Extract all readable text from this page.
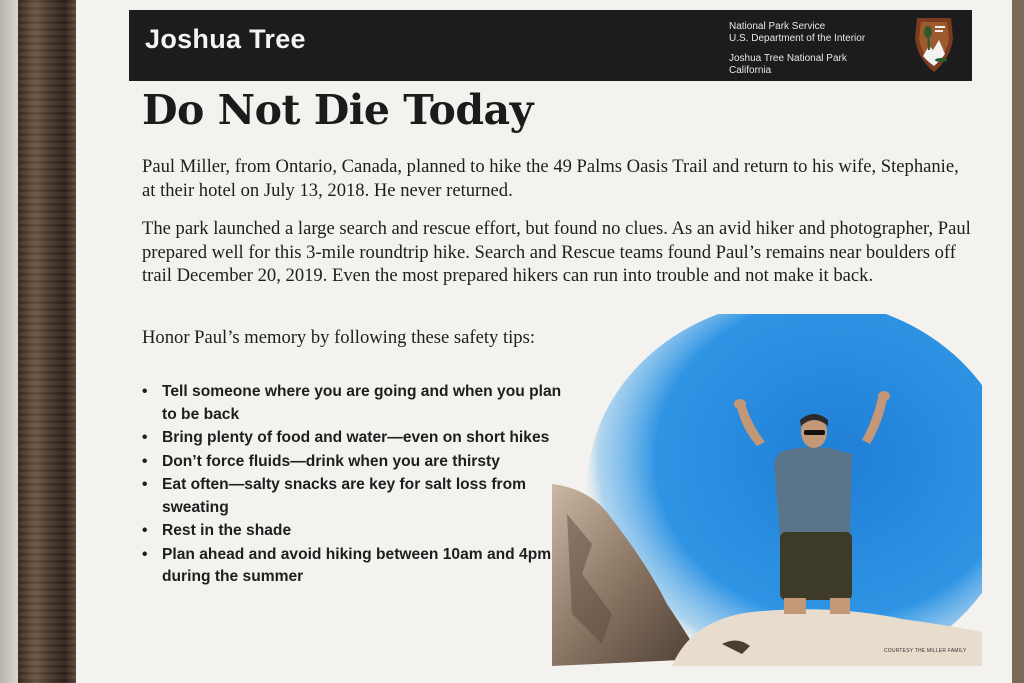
Joshua Tree	National Park Service
U.S. Department of the Interior
Joshua Tree National Park
California
Do Not Die Today

Paul Miller, from Ontario, Canada, planned to hike the 49 Palms Oasis Trail and return to his wife, Stephanie, at their hotel on July 13, 2018. He never returned.

The park launched a large search and rescue effort, but found no clues. As an avid hiker and photographer, Paul prepared well for this 3-mile roundtrip hike. Search and Rescue teams found Paul’s remains near boulders off trail December 20, 2019. Even the most prepared hikers can run into trouble and not make it back.

Honor Paul’s memory by following these safety tips:

• Tell someone where you are going and when you plan to be back
• Bring plenty of food and water—even on short hikes
• Don’t force fluids—drink when you are thirsty
• Eat often—salty snacks are key for salt loss from sweating
• Rest in the shade
• Plan ahead and avoid hiking between 10am and 4pm during the summer
COURTESY THE MILLER FAMILY
